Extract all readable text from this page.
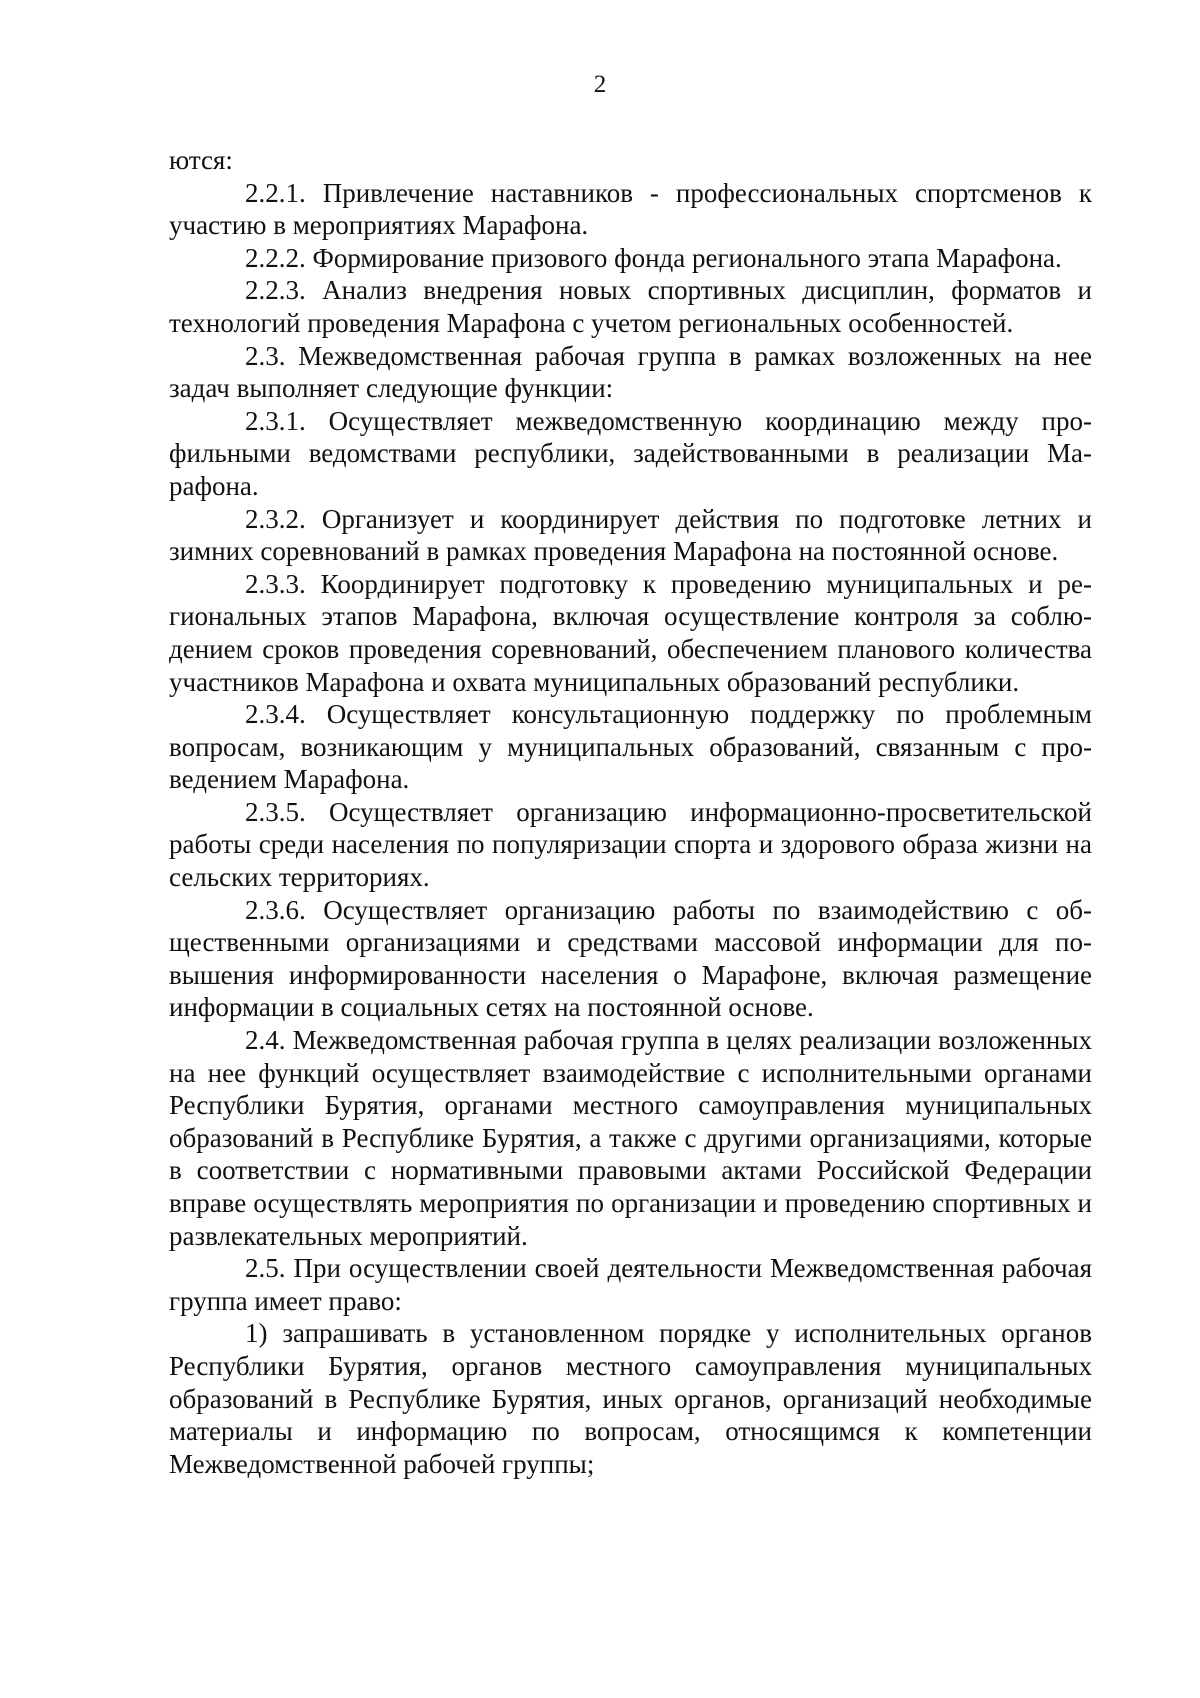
2

ются:

2.2.1. Привлечение наставников - профессиональных спортсменов к участию в мероприятиях Марафона.

2.2.2. Формирование призового фонда регионального этапа Марафона.

2.2.3. Анализ внедрения новых спортивных дисциплин, форматов и технологий проведения Марафона с учетом региональных особенностей.

2.3. Межведомственная рабочая группа в рамках возложенных на нее задач выполняет следующие функции:

2.3.1. Осуществляет межведомственную координацию между профильными ведомствами республики, задействованными в реализации Марафона.

2.3.2. Организует и координирует действия по подготовке летних и зимних соревнований в рамках проведения Марафона на постоянной основе.

2.3.3. Координирует подготовку к проведению муниципальных и региональных этапов Марафона, включая осуществление контроля за соблюдением сроков проведения соревнований, обеспечением планового количества участников Марафона и охвата муниципальных образований республики.

2.3.4. Осуществляет консультационную поддержку по проблемным вопросам, возникающим у муниципальных образований, связанным с проведением Марафона.

2.3.5. Осуществляет организацию информационно-просветительской работы среди населения по популяризации спорта и здорового образа жизни на сельских территориях.

2.3.6. Осуществляет организацию работы по взаимодействию с общественными организациями и средствами массовой информации для повышения информированности населения о Марафоне, включая размещение информации в социальных сетях на постоянной основе.

2.4. Межведомственная рабочая группа в целях реализации возложенных на нее функций осуществляет взаимодействие с исполнительными органами Республики Бурятия, органами местного самоуправления муниципальных образований в Республике Бурятия, а также с другими организациями, которые в соответствии с нормативными правовыми актами Российской Федерации вправе осуществлять мероприятия по организации и проведению спортивных и развлекательных мероприятий.

2.5. При осуществлении своей деятельности Межведомственная рабочая группа имеет право:

1) запрашивать в установленном порядке у исполнительных органов Республики Бурятия, органов местного самоуправления муниципальных образований в Республике Бурятия, иных органов, организаций необходимые материалы и информацию по вопросам, относящимся к компетенции Межведомственной рабочей группы;
